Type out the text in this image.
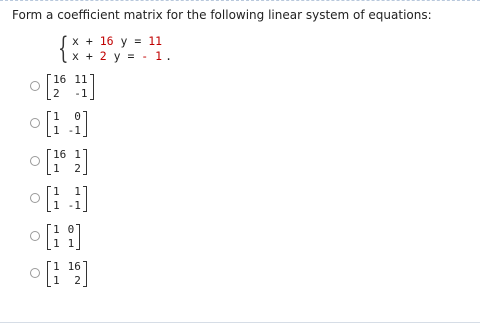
Form a coefficient matrix for the following linear system of equations:
{ x + 16 y = 11
x + 2 y = - 1 .
16 11
2	-1
1	0
1 -1
16 1
1	2
1	1
1 -1
1 0
1 1
1 16
1	2
